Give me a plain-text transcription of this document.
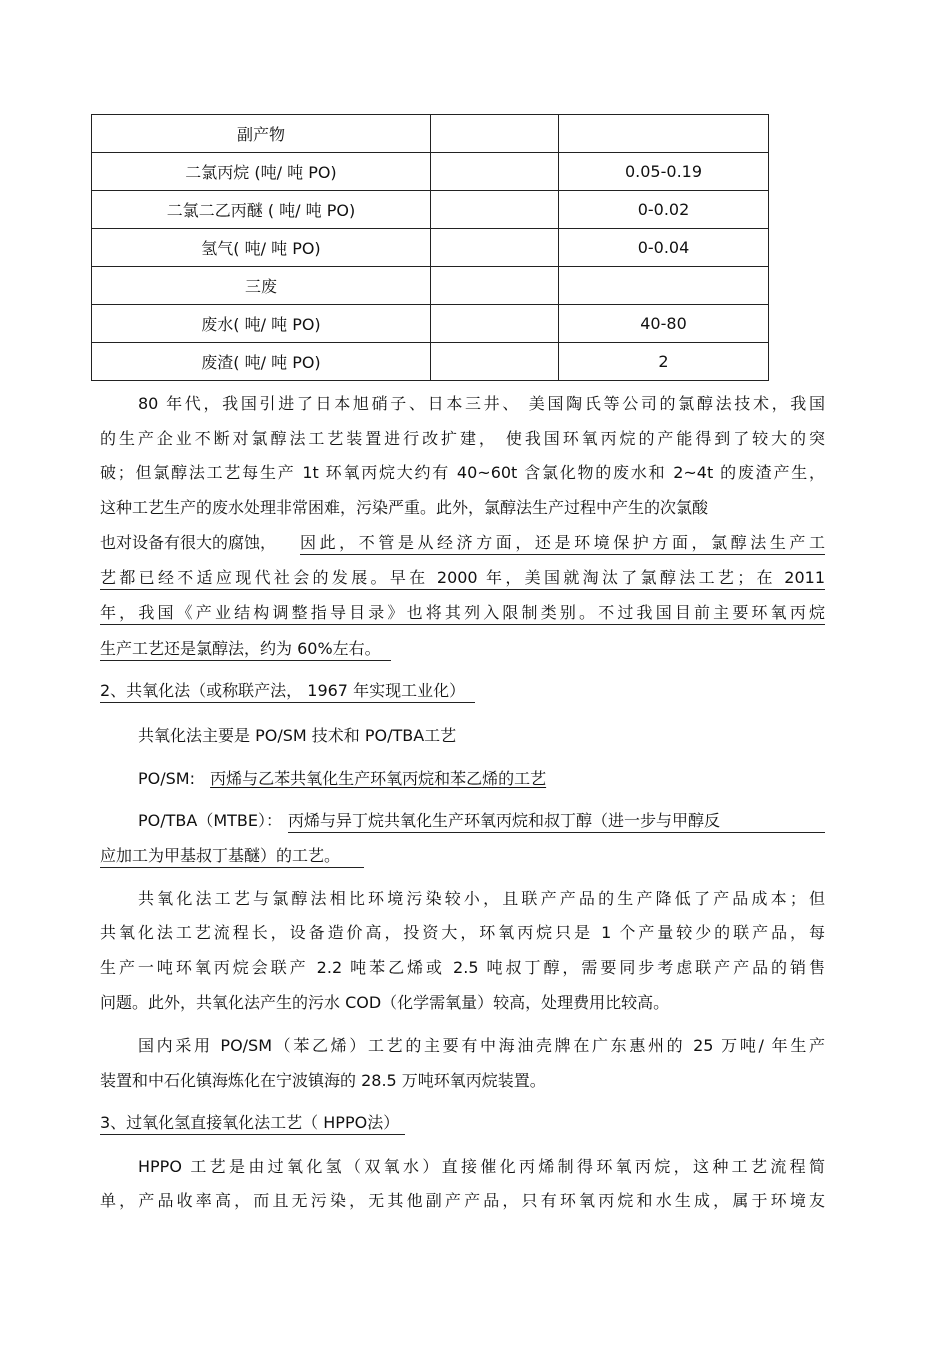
副产物		
二氯丙烷 (吨/ 吨 PO)		0.05-0.19
二氯二乙丙醚 ( 吨/ 吨 PO)		0-0.02
氢气( 吨/ 吨 PO)		0-0.04
三废		
废水( 吨/ 吨 PO)		40-80
废渣( 吨/ 吨 PO)		2
80 年代，我国引进了日本旭硝子、日本三井、 美国陶氏等公司的氯醇法技术，我国
的生产企业不断对氯醇法工艺装置进行改扩建， 使我国环氧丙烷的产能得到了较大的突
破；但氯醇法工艺每生产 1t 环氧丙烷大约有 40~60t 含氯化物的废水和 2~4t 的废渣产生，
这种工艺生产的废水处理非常困难，污染严重。此外，氯醇法生产过程中产生的次氯酸
也对设备有很大的腐蚀， 因此，不管是从经济方面，还是环境保护方面，氯醇法生产工
艺都已经不适应现代社会的发展。早在 2000 年，美国就淘汰了氯醇法工艺；在 2011
年，我国《产业结构调整指导目录》也将其列入限制类别。不过我国目前主要环氧丙烷
生产工艺还是氯醇法，约为 60%左右。
2、共氧化法（或称联产法， 1967 年实现工业化）
共氧化法主要是 PO/SM 技术和 PO/TBA工艺
PO/SM: 丙烯与乙苯共氧化生产环氧丙烷和苯乙烯的工艺
PO/TBA（MTBE）： 丙烯与异丁烷共氧化生产环氧丙烷和叔丁醇（进一步与甲醇反
应加工为甲基叔丁基醚）的工艺。
共氧化法工艺与氯醇法相比环境污染较小，且联产产品的生产降低了产品成本；但
共氧化法工艺流程长，设备造价高，投资大，环氧丙烷只是 1 个产量较少的联产品，每
生产一吨环氧丙烷会联产 2.2 吨苯乙烯或 2.5 吨叔丁醇，需要同步考虑联产产品的销售
问题。此外，共氧化法产生的污水 COD（化学需氧量）较高，处理费用比较高。
国内采用 PO/SM（苯乙烯）工艺的主要有中海油壳牌在广东惠州的 25 万吨/ 年生产
装置和中石化镇海炼化在宁波镇海的 28.5 万吨环氧丙烷装置。
3、过氧化氢直接氧化法工艺（ HPPO法）
HPPO 工艺是由过氧化氢（双氧水）直接催化丙烯制得环氧丙烷，这种工艺流程简
单，产品收率高，而且无污染，无其他副产产品，只有环氧丙烷和水生成，属于环境友
